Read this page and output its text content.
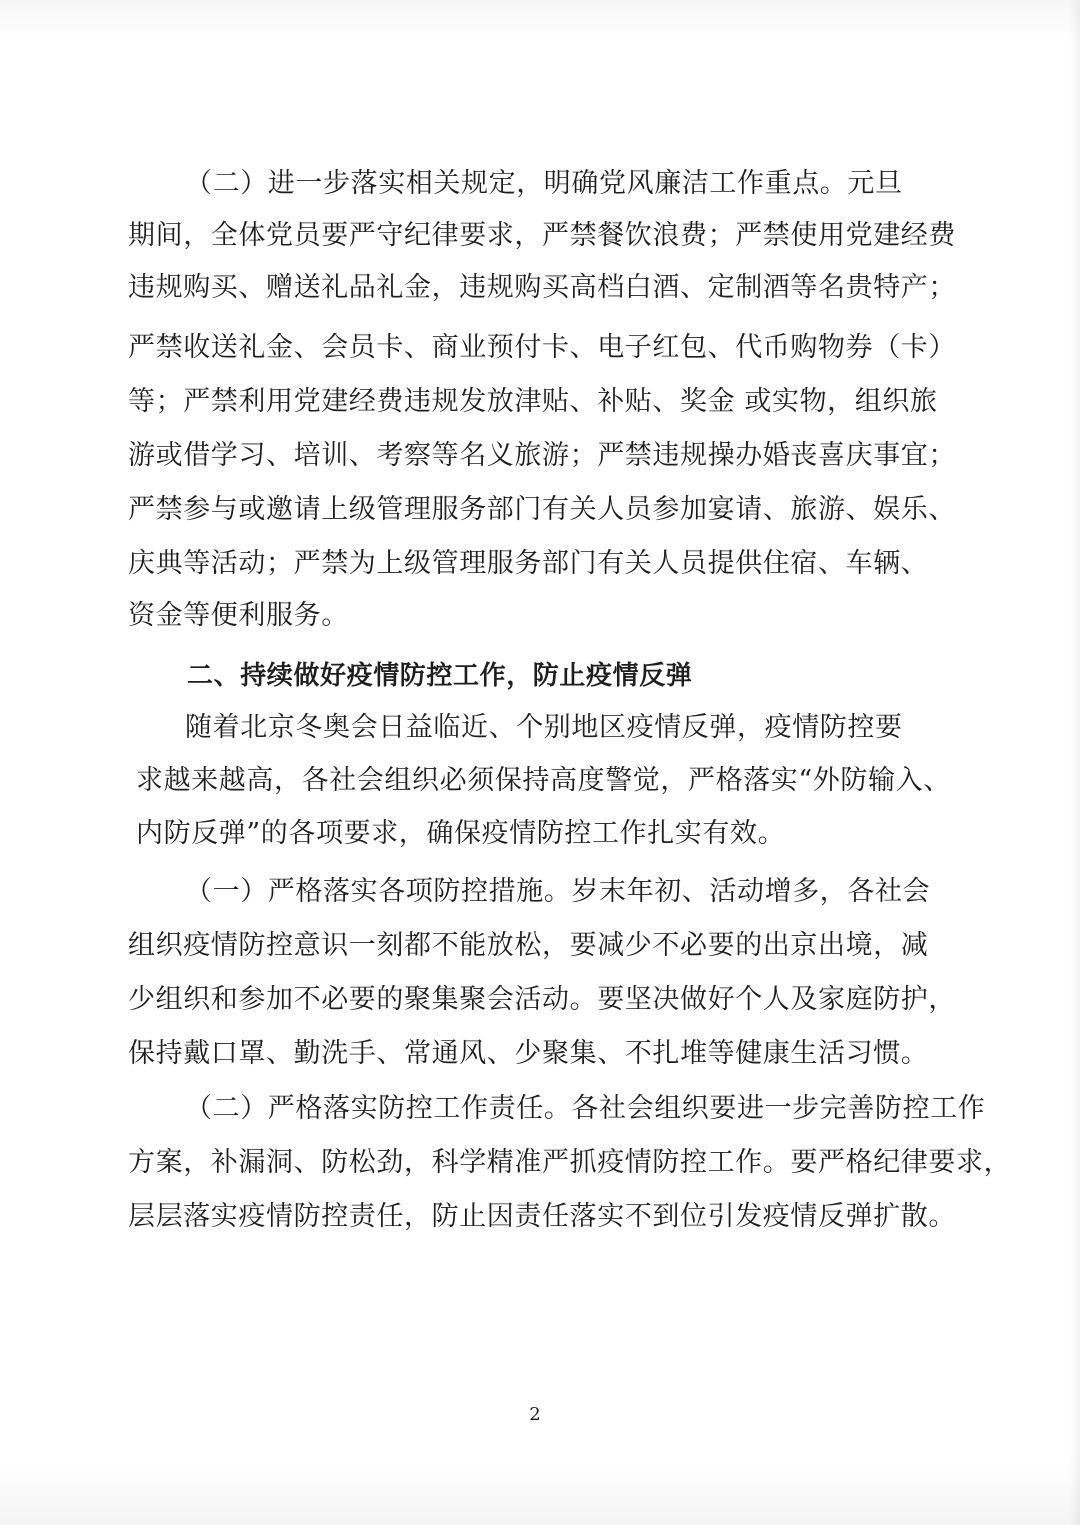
（二）进一步落实相关规定，明确党风廉洁工作重点。元旦
期间，全体党员要严守纪律要求，严禁餐饮浪费；严禁使用党建经费
违规购买、赠送礼品礼金，违规购买高档白酒、定制酒等名贵特产；
严禁收送礼金、会员卡、商业预付卡、电子红包、代币购物券（卡）
等；严禁利用党建经费违规发放津贴、补贴、奖金 或实物，组织旅
游或借学习、培训、考察等名义旅游；严禁违规操办婚丧喜庆事宜；
严禁参与或邀请上级管理服务部门有关人员参加宴请、旅游、娱乐、
庆典等活动；严禁为上级管理服务部门有关人员提供住宿、车辆、
资金等便利服务。
二、持续做好疫情防控工作，防止疫情反弹
随着北京冬奥会日益临近、个别地区疫情反弹，疫情防控要
求越来越高，各社会组织必须保持高度警觉，严格落实“外防输入、
内防反弹”的各项要求，确保疫情防控工作扎实有效。
（一）严格落实各项防控措施。岁末年初、活动增多，各社会
组织疫情防控意识一刻都不能放松，要减少不必要的出京出境，减
少组织和参加不必要的聚集聚会活动。要坚决做好个人及家庭防护，
保持戴口罩、勤洗手、常通风、少聚集、不扎堆等健康生活习惯。
（二）严格落实防控工作责任。各社会组织要进一步完善防控工作
方案，补漏洞、防松劲，科学精准严抓疫情防控工作。要严格纪律要求，
层层落实疫情防控责任，防止因责任落实不到位引发疫情反弹扩散。
2
